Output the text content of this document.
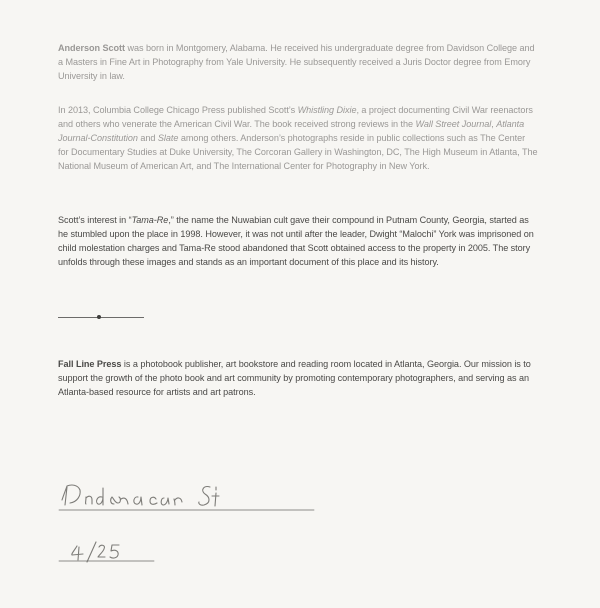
Anderson Scott was born in Montgomery, Alabama. He received his undergraduate degree from Davidson College and a Masters in Fine Art in Photography from Yale University. He subsequently received a Juris Doctor degree from Emory University in law.

In 2013, Columbia College Chicago Press published Scott’s Whistling Dixie, a project documenting Civil War reenactors and others who venerate the American Civil War. The book received strong reviews in the Wall Street Journal, Atlanta Journal-Constitution and Slate among others. Anderson’s photographs reside in public collections such as The Center for Documentary Studies at Duke University, The Corcoran Gallery in Washington, DC, The High Museum in Atlanta, The National Museum of American Art, and The International Center for Photography in New York.

Scott’s interest in “Tama-Re,” the name the Nuwabian cult gave their compound in Putnam County, Georgia, started as he stumbled upon the place in 1998. However, it was not until after the leader, Dwight “Malochi” York was imprisoned on child molestation charges and Tama-Re stood abandoned that Scott obtained access to the property in 2005. The story unfolds through these images and stands as an important document of this place and its history.

Fall Line Press is a photobook publisher, art bookstore and reading room located in Atlanta, Georgia. Our mission is to support the growth of the photo book and art community by promoting contemporary photographers, and serving as an Atlanta-based resource for artists and art patrons.
